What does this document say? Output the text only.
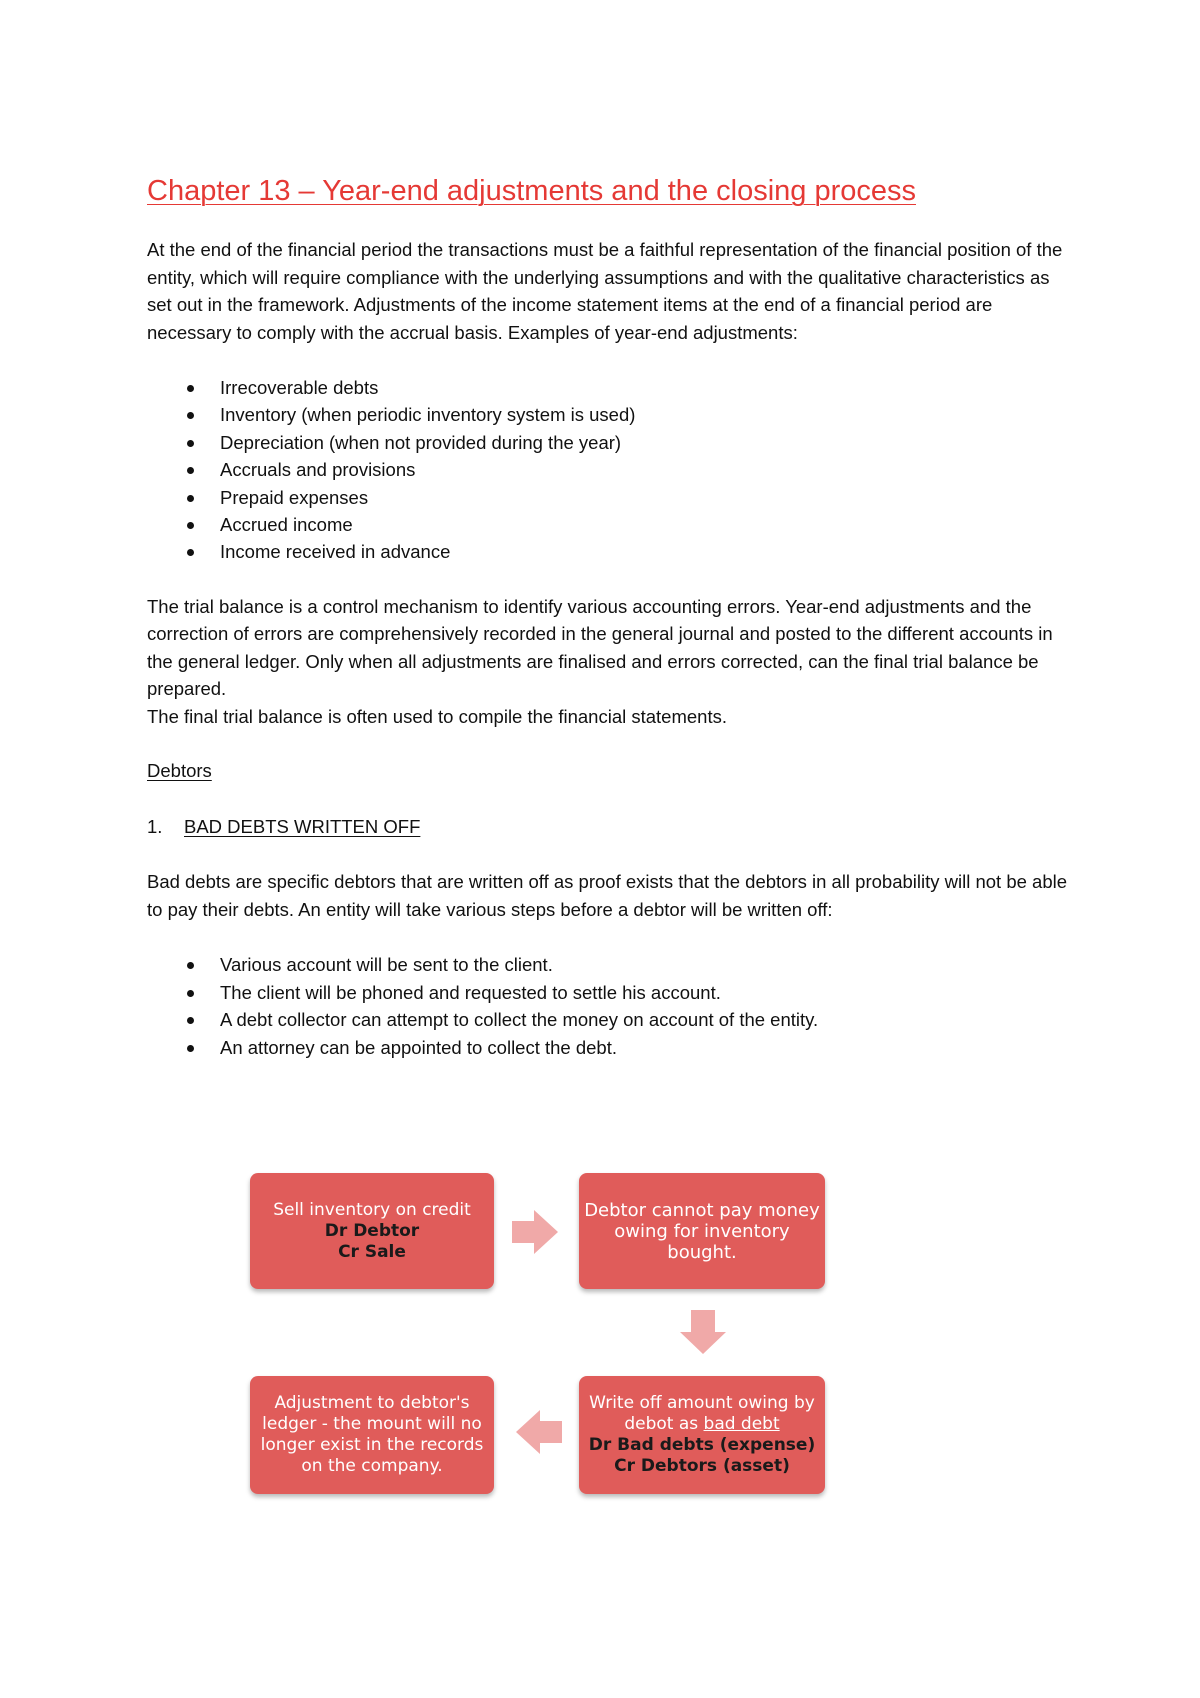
Chapter 13 – Year-end adjustments and the closing process

At the end of the financial period the transactions must be a faithful representation of the financial position of the entity, which will require compliance with the underlying assumptions and with the qualitative characteristics as set out in the framework. Adjustments of the income statement items at the end of a financial period are necessary to comply with the accrual basis. Examples of year-end adjustments:

Irrecoverable debts
Inventory (when periodic inventory system is used)
Depreciation (when not provided during the year)
Accruals and provisions
Prepaid expenses
Accrued income
Income received in advance

The trial balance is a control mechanism to identify various accounting errors. Year-end adjustments and the correction of errors are comprehensively recorded in the general journal and posted to the different accounts in the general ledger. Only when all adjustments are finalised and errors corrected, can the final trial balance be prepared.

The final trial balance is often used to compile the financial statements.

Debtors

1.	BAD DEBTS WRITTEN OFF

Bad debts are specific debtors that are written off as proof exists that the debtors in all probability will not be able to pay their debts. An entity will take various steps before a debtor will be written off:

Various account will be sent to the client.
The client will be phoned and requested to settle his account.
A debt collector can attempt to collect the money on account of the entity.
An attorney can be appointed to collect the debt.
Sell inventory on credit
Dr Debtor
Cr Sale
Debtor cannot pay money
owing for inventory bought.
Write off amount owing by
debot as bad debt
Dr Bad debts (expense)
Cr Debtors (asset)
Adjustment to debtor's
ledger - the mount will no
longer exist in the records
on the company.
